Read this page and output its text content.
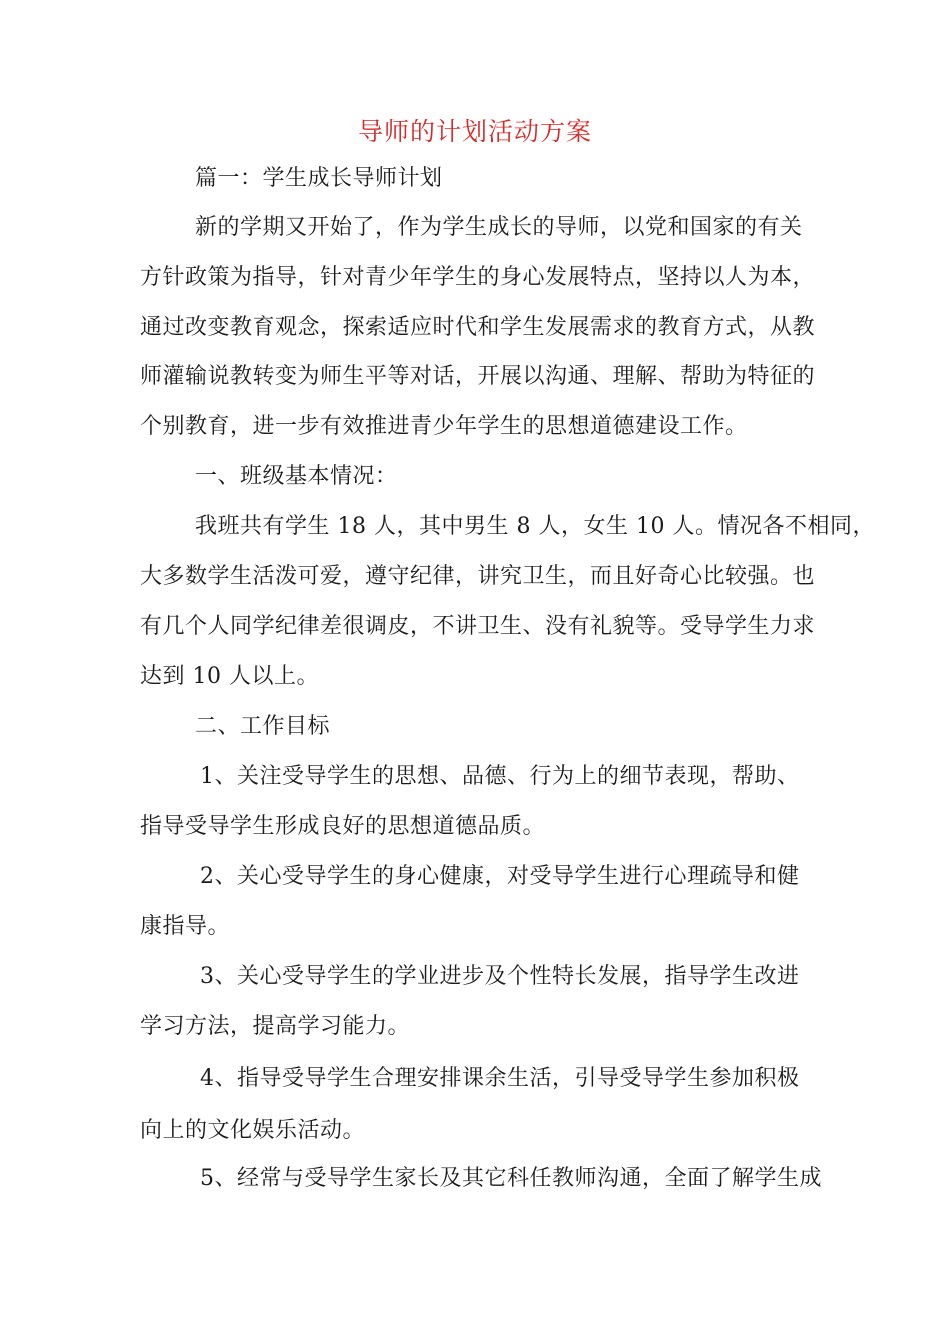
导师的计划活动方案
篇一：学生成长导师计划
新的学期又开始了，作为学生成长的导师，以党和国家的有关
方针政策为指导，针对青少年学生的身心发展特点，坚持以人为本，
通过改变教育观念，探索适应时代和学生发展需求的教育方式，从教
师灌输说教转变为师生平等对话，开展以沟通、理解、帮助为特征的
个别教育，进一步有效推进青少年学生的思想道德建设工作。
一、班级基本情况：
我班共有学生 18 人，其中男生 8 人，女生 10 人。情况各不相同，
大多数学生活泼可爱，遵守纪律，讲究卫生，而且好奇心比较强。也
有几个人同学纪律差很调皮，不讲卫生、没有礼貌等。受导学生力求
达到 10 人以上。
二、工作目标
1、关注受导学生的思想、品德、行为上的细节表现，帮助、
指导受导学生形成良好的思想道德品质。
2、关心受导学生的身心健康，对受导学生进行心理疏导和健
康指导。
3、关心受导学生的学业进步及个性特长发展，指导学生改进
学习方法，提高学习能力。
4、指导受导学生合理安排课余生活，引导受导学生参加积极
向上的文化娱乐活动。
5、经常与受导学生家长及其它科任教师沟通，全面了解学生成
